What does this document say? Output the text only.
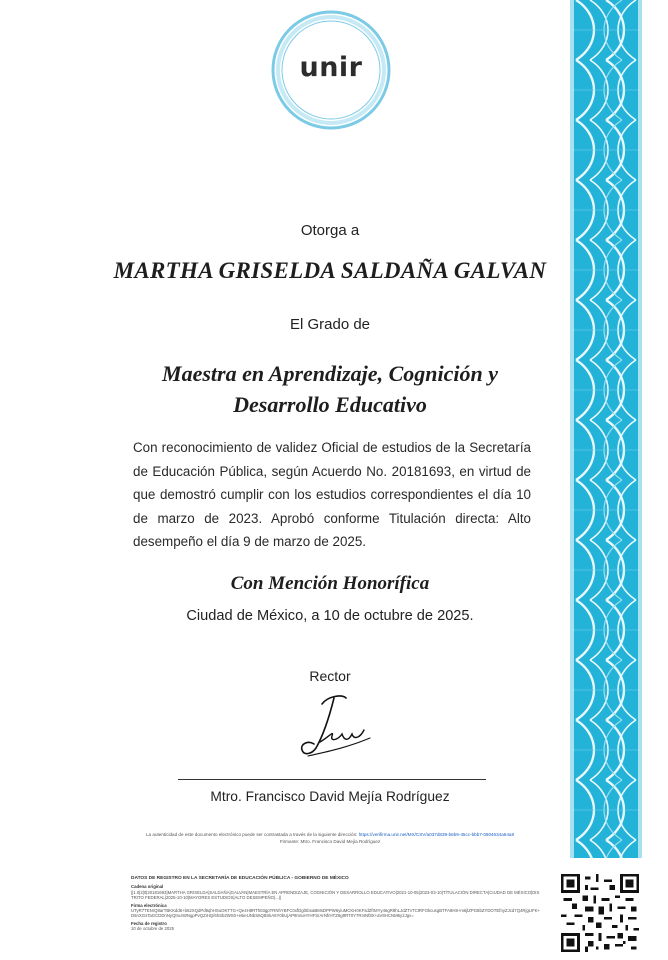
unir
Otorga a
MARTHA GRISELDA SALDAÑA GALVAN
El Grado de
Maestra en Aprendizaje, Cognición y
Desarrollo Educativo
Con reconocimiento de validez Oficial de estudios de la Secretaría de Educación Pública, según Acuerdo No. 20181693, en virtud de que demostró cumplir con los estudios correspondientes el día 10 de marzo de 2023. Aprobó conforme Titulación directa: Alto desempeño el día 9 de marzo de 2025.
Con Mención Honorífica
Ciudad de México, a 10 de octubre de 2025.
Rector
Mtro. Francisco David Mejía Rodríguez
La autenticidad de este documento electrónico puede ser contrastada a través de la siguiente dirección: https://verifirma.unir.net/MX/CSV/a037d839-b6b9-45cc-bbb7-0904634a54a8
Firmante: Mtro. Francisco David Mejía Rodríguez
DATOS DE REGISTRO EN LA SECRETARÍA DE EDUCACIÓN PÚBLICA - GOBIERNO DE MÉXICO
Cadena original
||1.0|2|0|20181693|MARTHA GRISELDA|SALDAÑA|GALVAN|MAESTRÍA EN APRENDIZAJE, COGNICIÓN Y DESARROLLO EDUCATIVO|2021-10-05|2023-03-10|TÍTULACIÓN DIRECTA|CIUDAD DE MÉXICO|DISTRITO FEDERAL|2025-10-10|MAYORES ESTUDIOS|ALTO DESEMPEÑO|...||
Firma electrónica
UTyR7TENrQ8arTBKKdd6+b62XQdPd9qhHSuOKTTG+Qe4H8RTh03gpTRNhYBFC0xfDglSbsaBMsDPPW6yiuMCKH0KFsdZfrMYy46gR9hLJdZTvTCtRFOkcusgBTFA8H8+m6jlZPG8bZYDOTEfnyZJcd7Q4RjgUFK+D5nXGsTaGCDDnNyQIru4WNgpPvQZiHQ/6hSb2WS0+e5ieUNbS6Q8SkA6Y0bUjAP9m/uHYHFSrArNfrHTZ6g9RT0Y7RI4Nf8X+aV8HCNM6y2Jgv=
Fecha de registro
10 de octubre de 2025
